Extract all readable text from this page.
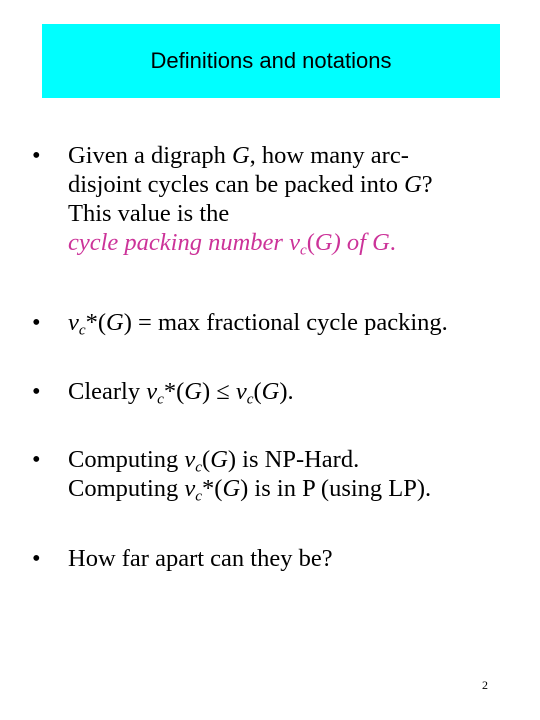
Definitions and notations
•	Given a digraph G, how many arc-
disjoint cycles can be packed into G?
This value is the
cycle packing number $\nu_c(G)$ of G.
•	$\nu_c*(G) = \max$ fractional cycle packing.
•	Clearly $\nu_c*(G) \le \nu_c(G)$.
•	Computing $\nu_c(G)$ is NP-Hard.
Computing $\nu_c*(G)$ is in P (using LP).
•	How far apart can they be?
2
